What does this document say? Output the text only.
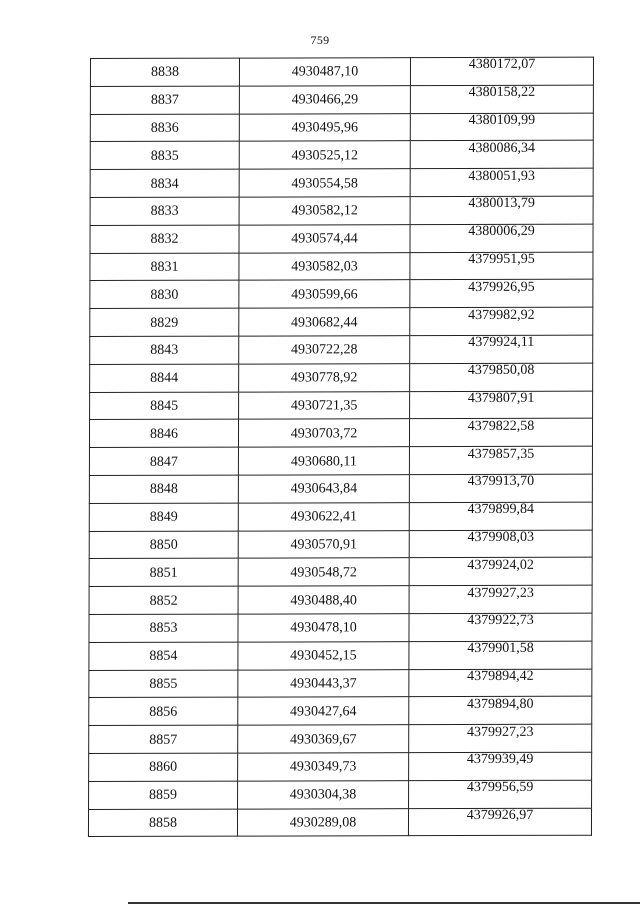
759
8838	4930487,10	4380172,07
8837	4930466,29	4380158,22
8836	4930495,96	4380109,99
8835	4930525,12	4380086,34
8834	4930554,58	4380051,93
8833	4930582,12	4380013,79
8832	4930574,44	4380006,29
8831	4930582,03	4379951,95
8830	4930599,66	4379926,95
8829	4930682,44	4379982,92
8843	4930722,28	4379924,11
8844	4930778,92	4379850,08
8845	4930721,35	4379807,91
8846	4930703,72	4379822,58
8847	4930680,11	4379857,35
8848	4930643,84	4379913,70
8849	4930622,41	4379899,84
8850	4930570,91	4379908,03
8851	4930548,72	4379924,02
8852	4930488,40	4379927,23
8853	4930478,10	4379922,73
8854	4930452,15	4379901,58
8855	4930443,37	4379894,42
8856	4930427,64	4379894,80
8857	4930369,67	4379927,23
8860	4930349,73	4379939,49
8859	4930304,38	4379956,59
8858	4930289,08	4379926,97
